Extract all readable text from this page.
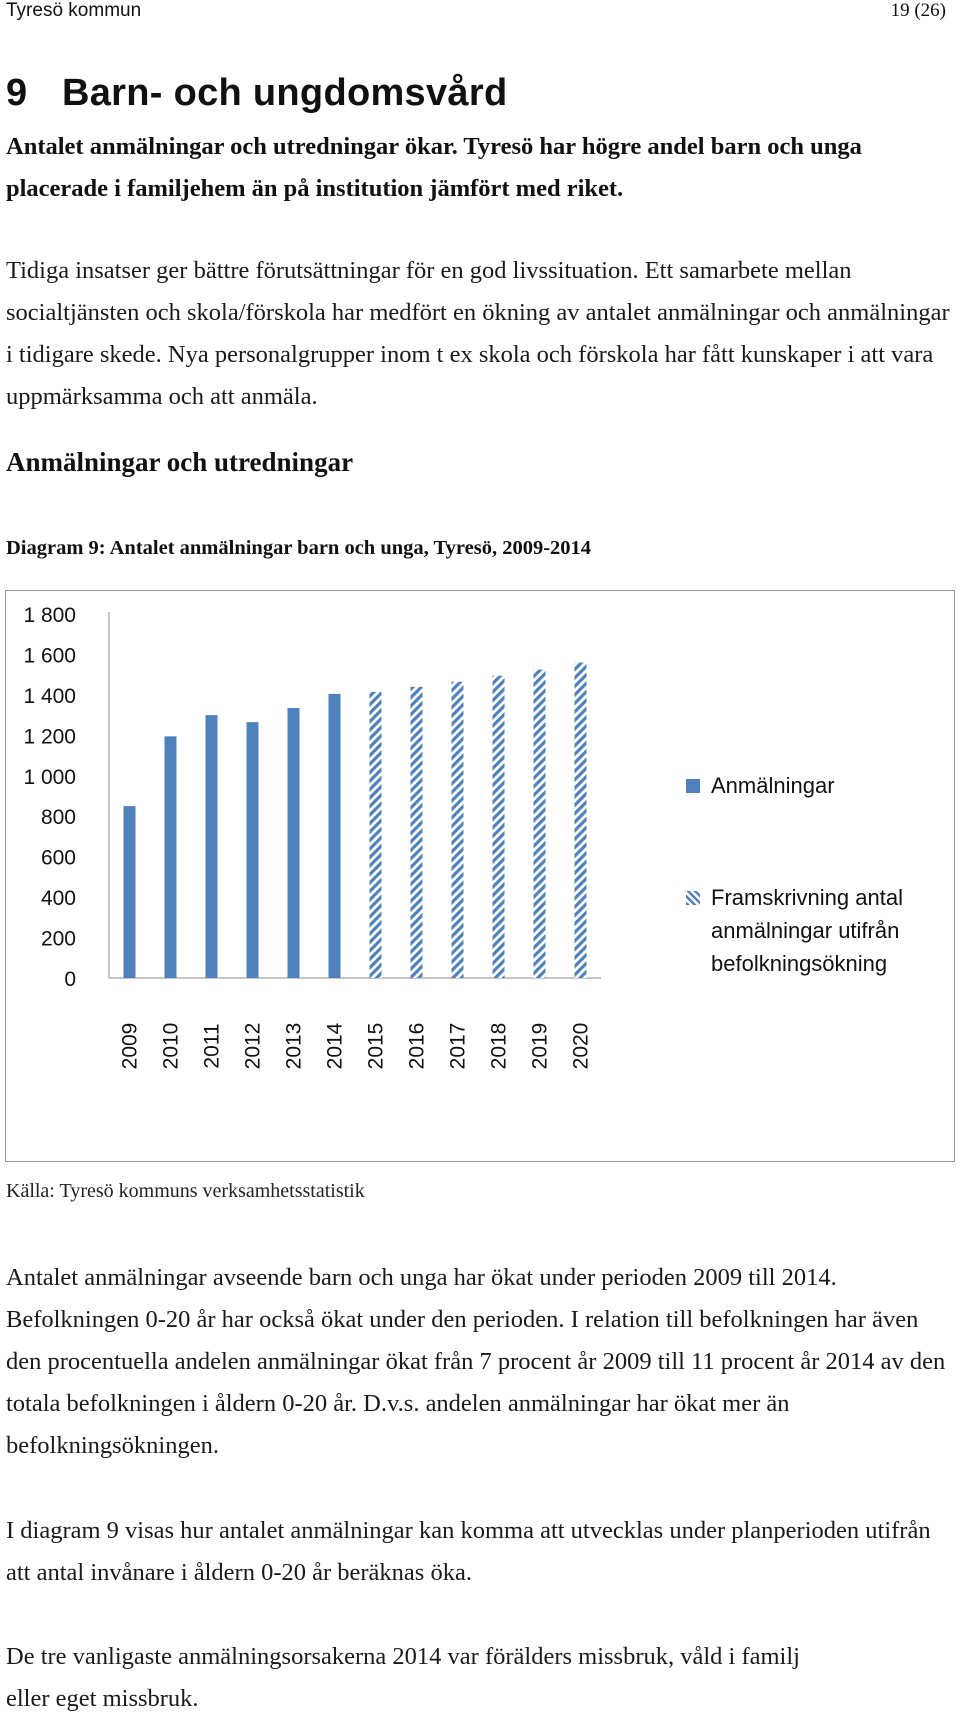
Tyresö kommun	19 (26)
9 Barn- och ungdomsvård

Antalet anmälningar och utredningar ökar. Tyresö har högre andel barn och unga placerade i familjehem än på institution jämfört med riket.

Tidiga insatser ger bättre förutsättningar för en god livssituation. Ett samarbete mellan socialtjänsten och skola/förskola har medfört en ökning av antalet anmälningar och anmälningar i tidigare skede. Nya personalgrupper inom t ex skola och förskola har fått kunskaper i att vara uppmärksamma och att anmäla.

Anmälningar och utredningar
Diagram 9: Antalet anmälningar barn och unga, Tyresö, 2009-2014
0
200
400
600
800
1 000
1 200
1 400
1 600
1 800
2009 2010 2011 2012 2013 2014 2015 2016 2017 2018 2019 2020
Anmälningar
Framskrivning antal anmälningar utifrån befolkningsökning
Källa: Tyresö kommuns verksamhetsstatistik

Antalet anmälningar avseende barn och unga har ökat under perioden 2009 till 2014. Befolkningen 0-20 år har också ökat under den perioden. I relation till befolkningen har även den procentuella andelen anmälningar ökat från 7 procent år 2009 till 11 procent år 2014 av den totala befolkningen i åldern 0-20 år. D.v.s. andelen anmälningar har ökat mer än befolkningsökningen.

I diagram 9 visas hur antalet anmälningar kan komma att utvecklas under planperioden utifrån att antal invånare i åldern 0-20 år beräknas öka.

De tre vanligaste anmälningsorsakerna 2014 var förälders missbruk, våld i familj
eller eget missbruk.
